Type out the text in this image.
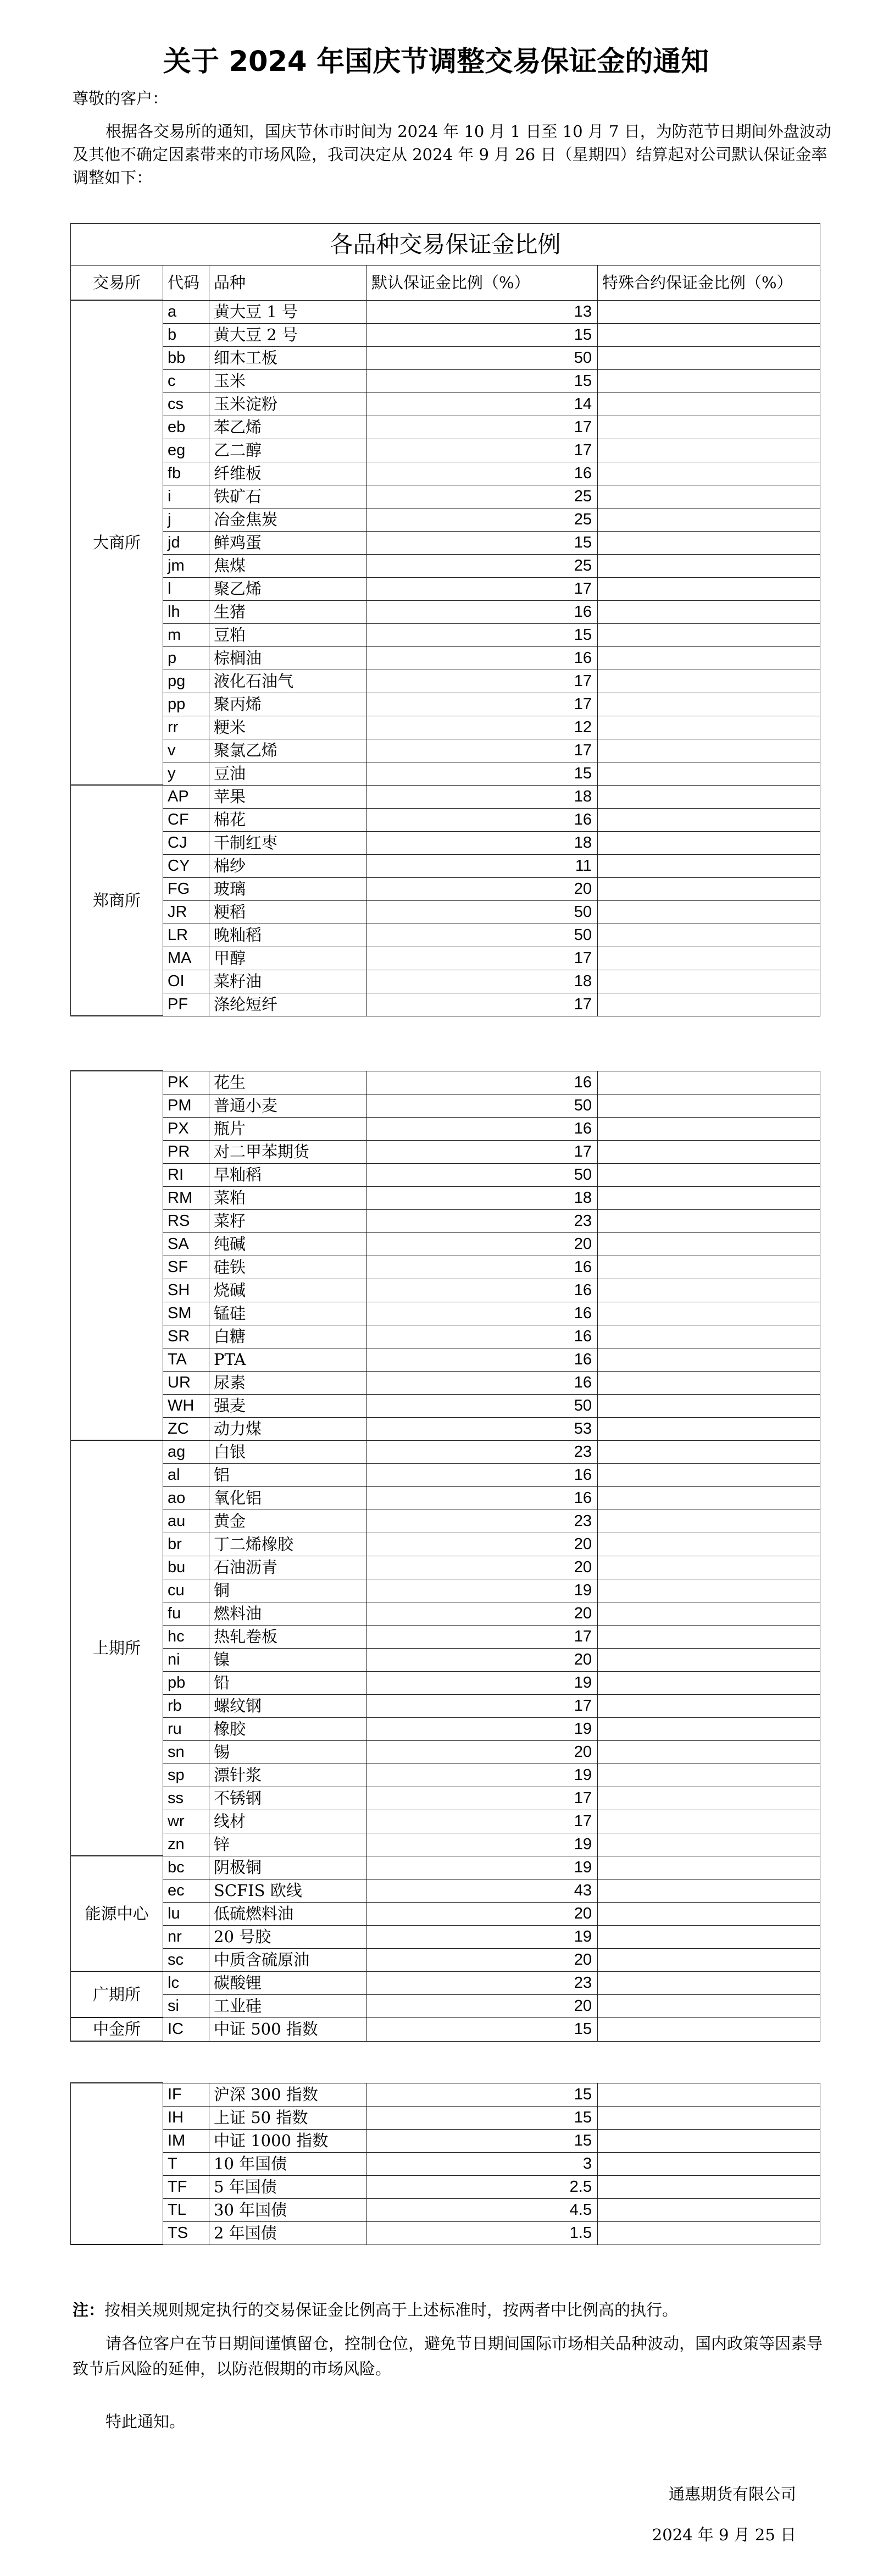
关于 2024 年国庆节调整交易保证金的通知
尊敬的客户：
根据各交易所的通知，国庆节休市时间为 2024 年 10 月 1 日至 10 月 7 日，为防范节日期间外盘波动及其他不确定因素带来的市场风险，我司决定从 2024 年 9 月 26 日（星期四）结算起对公司默认保证金率调整如下：
各品种交易保证金比例				
交易所	代码	品种	默认保证金比例（%）	特殊合约保证金比例（%）
大商所	a	黄大豆 1 号	13	
	b	黄大豆 2 号	15	
	bb	细木工板	50	
	c	玉米	15	
	cs	玉米淀粉	14	
	eb	苯乙烯	17	
	eg	乙二醇	17	
	fb	纤维板	16	
	i	铁矿石	25	
	j	冶金焦炭	25	
	jd	鲜鸡蛋	15	
	jm	焦煤	25	
	l	聚乙烯	17	
	lh	生猪	16	
	m	豆粕	15	
	p	棕榈油	16	
	pg	液化石油气	17	
	pp	聚丙烯	17	
	rr	粳米	12	
	v	聚氯乙烯	17	
	y	豆油	15	
郑商所	AP	苹果	18	
	CF	棉花	16	
	CJ	干制红枣	18	
	CY	棉纱	11	
	FG	玻璃	20	
	JR	粳稻	50	
	LR	晚籼稻	50	
	MA	甲醇	17	
	OI	菜籽油	18	
	PF	涤纶短纤	17	
	PK	花生	16	
	PM	普通小麦	50	
	PX	瓶片	16	
	PR	对二甲苯期货	17	
	RI	早籼稻	50	
	RM	菜粕	18	
	RS	菜籽	23	
	SA	纯碱	20	
	SF	硅铁	16	
	SH	烧碱	16	
	SM	锰硅	16	
	SR	白糖	16	
	TA	PTA	16	
	UR	尿素	16	
	WH	强麦	50	
	ZC	动力煤	53	
上期所	ag	白银	23	
	al	铝	16	
	ao	氧化铝	16	
	au	黄金	23	
	br	丁二烯橡胶	20	
	bu	石油沥青	20	
	cu	铜	19	
	fu	燃料油	20	
	hc	热轧卷板	17	
	ni	镍	20	
	pb	铅	19	
	rb	螺纹钢	17	
	ru	橡胶	19	
	sn	锡	20	
	sp	漂针浆	19	
	ss	不锈钢	17	
	wr	线材	17	
	zn	锌	19	
能源中心	bc	阴极铜	19	
	ec	SCFIS 欧线	43	
	lu	低硫燃料油	20	
	nr	20 号胶	19	
	sc	中质含硫原油	20	
广期所	lc	碳酸锂	23	
	si	工业硅	20	
中金所	IC	中证 500 指数	15	
	IF	沪深 300 指数	15	
	IH	上证 50 指数	15	
	IM	中证 1000 指数	15	
	T	10 年国债	3	
	TF	5 年国债	2.5	
	TL	30 年国债	4.5	
	TS	2 年国债	1.5	
注：按相关规则规定执行的交易保证金比例高于上述标准时，按两者中比例高的执行。
请各位客户在节日期间谨慎留仓，控制仓位，避免节日期间国际市场相关品种波动，国内政策等因素导致节后风险的延伸，以防范假期的市场风险。
特此通知。
通惠期货有限公司
2024 年 9 月 25 日
